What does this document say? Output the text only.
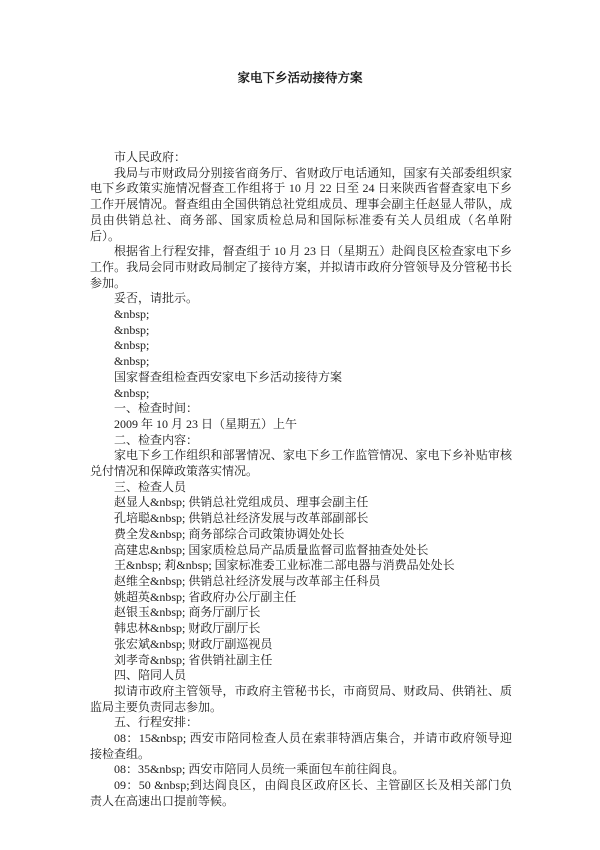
家电下乡活动接待方案

市人民政府：

我局与市财政局分别接省商务厅、省财政厅电话通知，国家有关部委组织家电下乡政策实施情况督查工作组将于 10 月 22 日至 24 日来陕西省督查家电下乡工作开展情况。督查组由全国供销总社党组成员、理事会副主任赵显人带队，成员由供销总社、商务部、国家质检总局和国际标准委有关人员组成（名单附后）。

根据省上行程安排，督查组于 10 月 23 日（星期五）赴阎良区检查家电下乡工作。我局会同市财政局制定了接待方案，并拟请市政府分管领导及分管秘书长参加。

妥否，请批示。

&nbsp;

&nbsp;

&nbsp;

&nbsp;

国家督查组检查西安家电下乡活动接待方案

&nbsp;

一、检查时间：

2009 年 10 月 23 日（星期五）上午

二、检查内容：

家电下乡工作组织和部署情况、家电下乡工作监管情况、家电下乡补贴审核兑付情况和保障政策落实情况。

三、检查人员

赵显人&nbsp; 供销总社党组成员、理事会副主任
孔培聪&nbsp; 供销总社经济发展与改革部副部长
费全发&nbsp; 商务部综合司政策协调处处长
高建忠&nbsp; 国家质检总局产品质量监督司监督抽查处处长
王&nbsp; 莉&nbsp; 国家标准委工业标准二部电器与消费品处处长
赵维全&nbsp; 供销总社经济发展与改革部主任科员
姚超英&nbsp; 省政府办公厅副主任
赵银玉&nbsp; 商务厅副厅长
韩忠林&nbsp; 财政厅副厅长
张宏斌&nbsp; 财政厅副巡视员
刘孝奇&nbsp; 省供销社副主任

四、陪同人员

拟请市政府主管领导，市政府主管秘书长，市商贸局、财政局、供销社、质监局主要负责同志参加。

五、行程安排：

08：15&nbsp; 西安市陪同检查人员在索菲特酒店集合，并请市政府领导迎接检查组。
08：35&nbsp; 西安市陪同人员统一乘面包车前往阎良。
09：50 &nbsp;到达阎良区，由阎良区政府区长、主管副区长及相关部门负责人在高速出口提前等候。
